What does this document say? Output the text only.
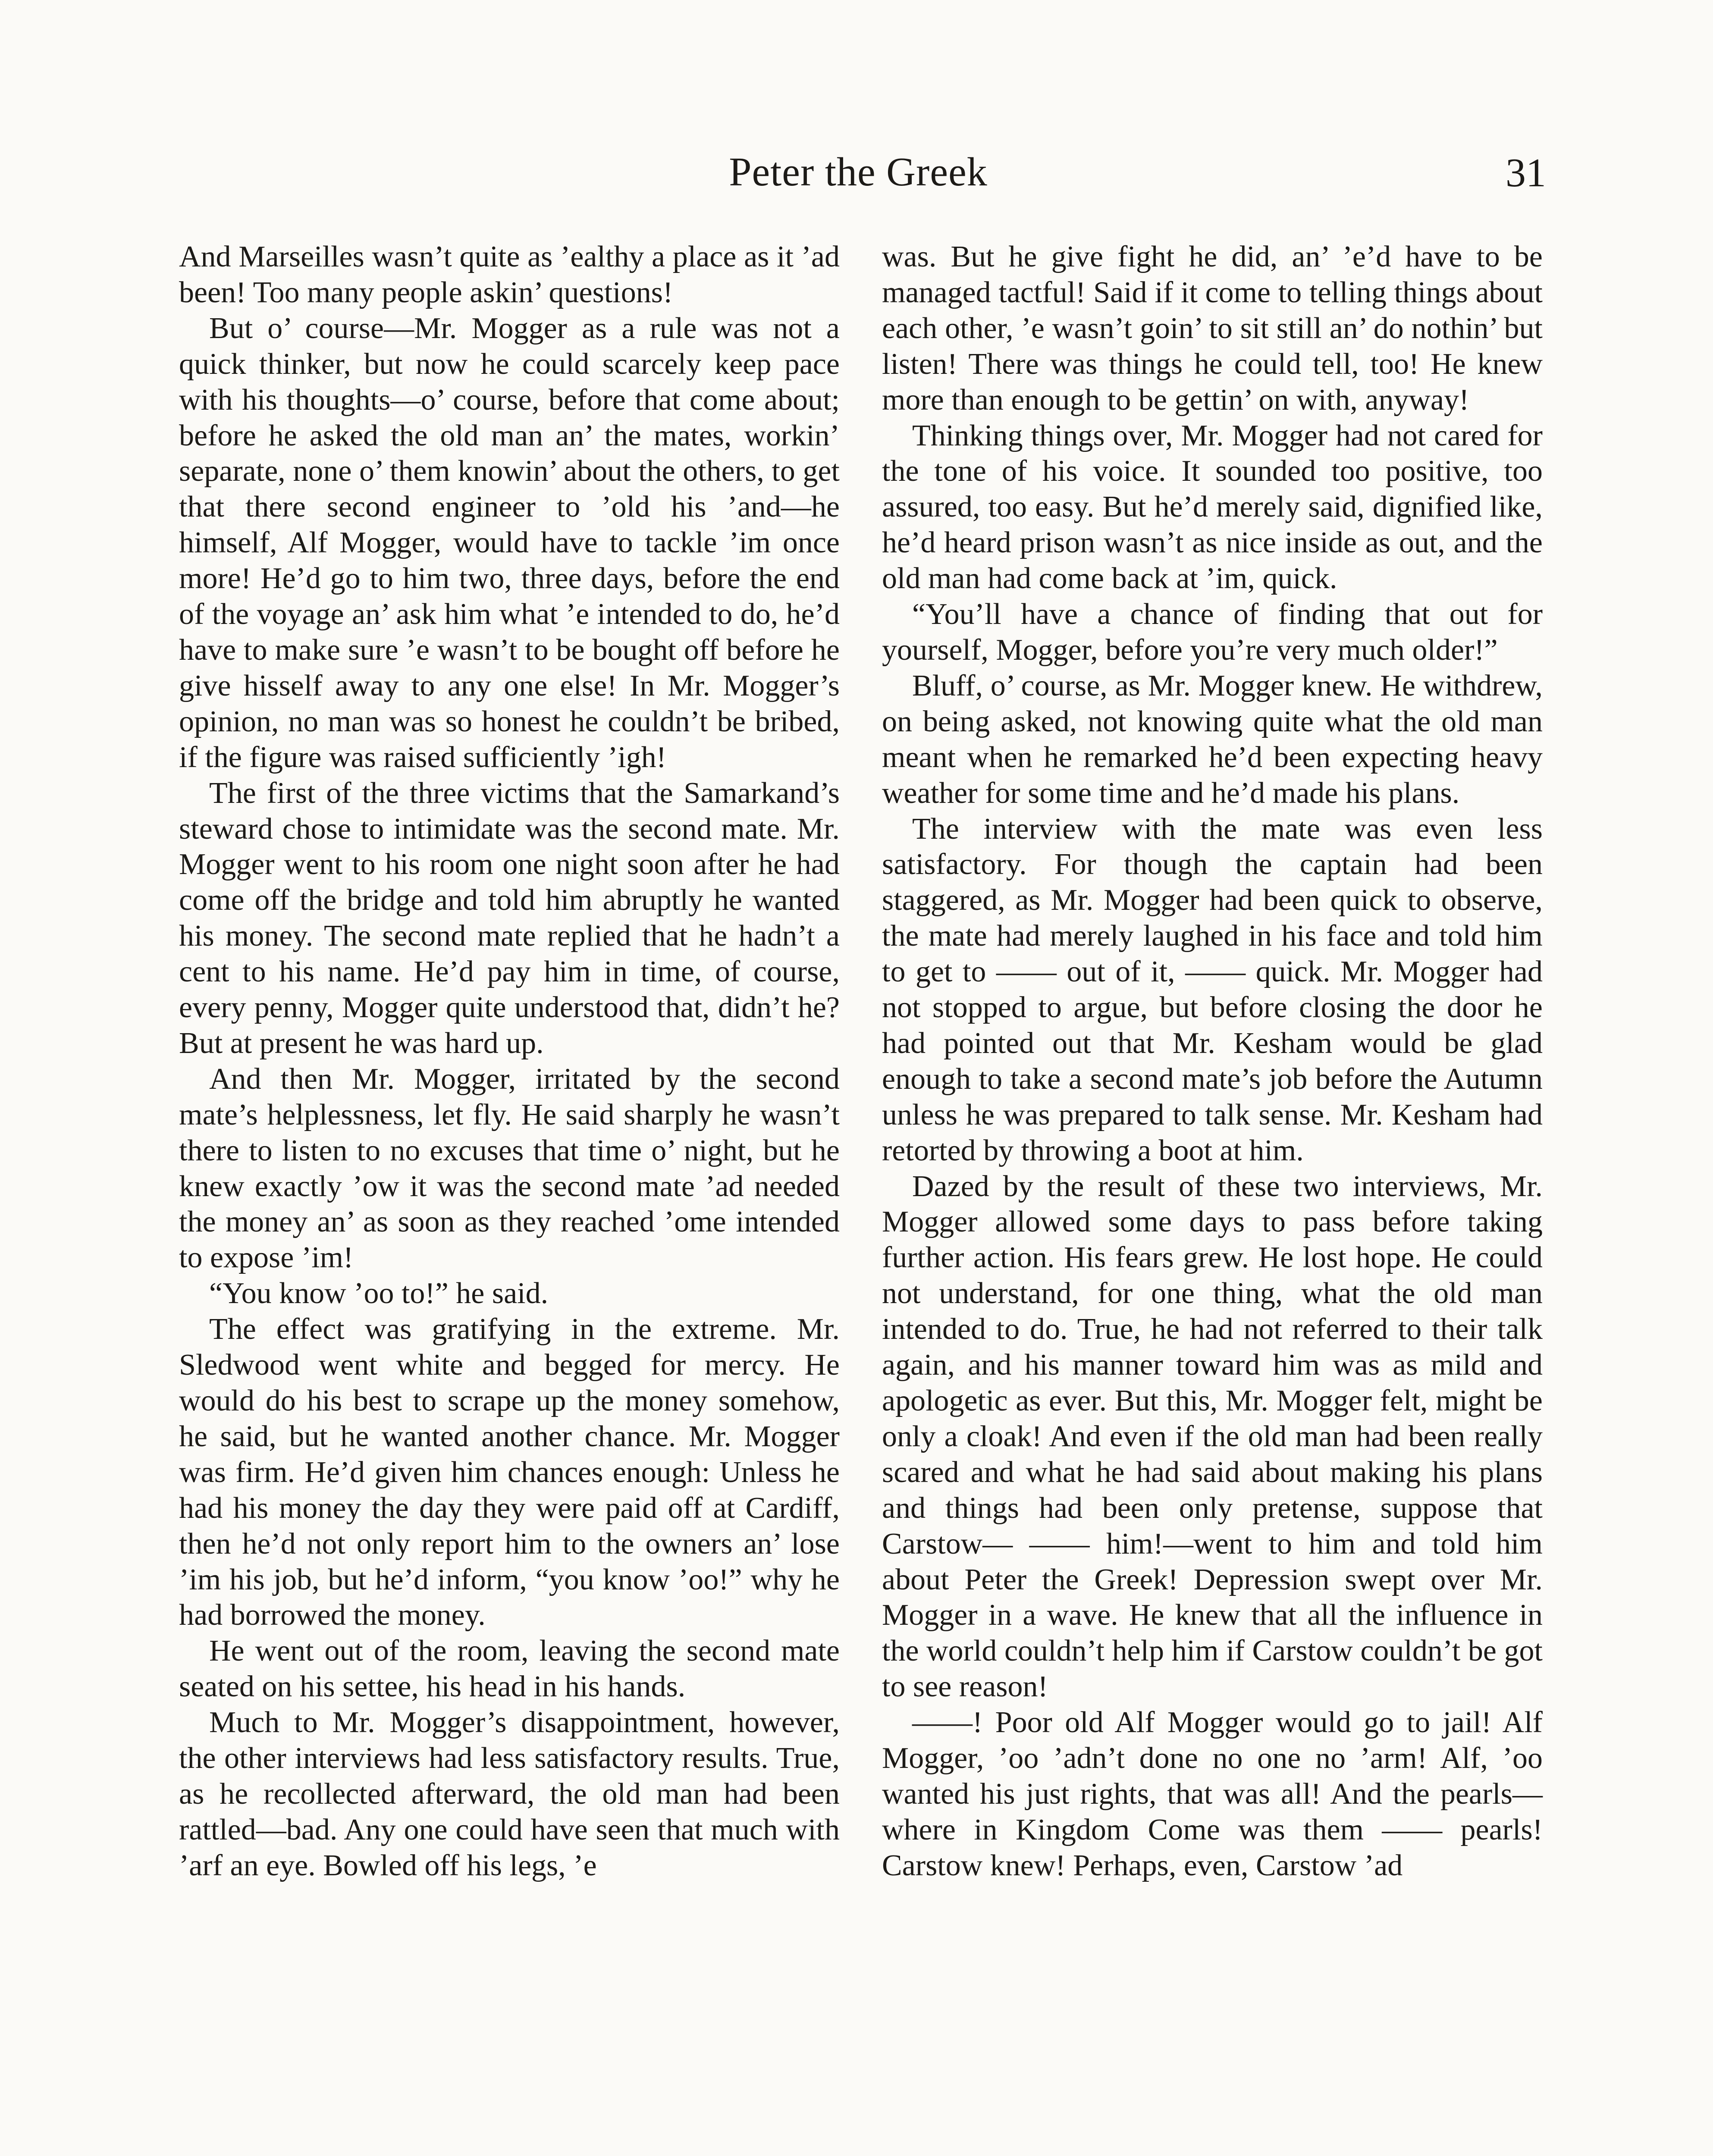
Peter the Greek	31

And Marseilles wasn’t quite as ’ealthy a place as it ’ad been! Too many people askin’ questions!

But o’ course—Mr. Mogger as a rule was not a quick thinker, but now he could scarcely keep pace with his thoughts—o’ course, before that come about; before he asked the old man an’ the mates, workin’ separate, none o’ them knowin’ about the others, to get that there second engineer to ’old his ’and—he himself, Alf Mogger, would have to tackle ’im once more! He’d go to him two, three days, before the end of the voyage an’ ask him what ’e intended to do, he’d have to make sure ’e wasn’t to be bought off before he give hisself away to any one else! In Mr. Mogger’s opinion, no man was so honest he couldn’t be bribed, if the figure was raised sufficiently ’igh!

The first of the three victims that the Samarkand’s steward chose to intimidate was the second mate. Mr. Mogger went to his room one night soon after he had come off the bridge and told him abruptly he wanted his money. The second mate replied that he hadn’t a cent to his name. He’d pay him in time, of course, every penny, Mogger quite understood that, didn’t he? But at present he was hard up.

And then Mr. Mogger, irritated by the second mate’s helplessness, let fly. He said sharply he wasn’t there to listen to no excuses that time o’ night, but he knew exactly ’ow it was the second mate ’ad needed the money an’ as soon as they reached ’ome intended to expose ’im!

“You know ’oo to!” he said.

The effect was gratifying in the extreme. Mr. Sledwood went white and begged for mercy. He would do his best to scrape up the money somehow, he said, but he wanted another chance. Mr. Mogger was firm. He’d given him chances enough: Unless he had his money the day they were paid off at Cardiff, then he’d not only report him to the owners an’ lose ’im his job, but he’d inform, “you know ’oo!” why he had borrowed the money.

He went out of the room, leaving the second mate seated on his settee, his head in his hands.

Much to Mr. Mogger’s disappointment, however, the other interviews had less satisfactory results. True, as he recollected afterward, the old man had been rattled—bad. Any one could have seen that much with ’arf an eye. Bowled off his legs, ’e

was. But he give fight he did, an’ ’e’d have to be managed tactful! Said if it come to telling things about each other, ’e wasn’t goin’ to sit still an’ do nothin’ but listen! There was things he could tell, too! He knew more than enough to be gettin’ on with, anyway!

Thinking things over, Mr. Mogger had not cared for the tone of his voice. It sounded too positive, too assured, too easy. But he’d merely said, dignified like, he’d heard prison wasn’t as nice inside as out, and the old man had come back at ’im, quick.

“You’ll have a chance of finding that out for yourself, Mogger, before you’re very much older!”

Bluff, o’ course, as Mr. Mogger knew. He withdrew, on being asked, not knowing quite what the old man meant when he remarked he’d been expecting heavy weather for some time and he’d made his plans.

The interview with the mate was even less satisfactory. For though the captain had been staggered, as Mr. Mogger had been quick to observe, the mate had merely laughed in his face and told him to get to —— out of it, —— quick. Mr. Mogger had not stopped to argue, but before closing the door he had pointed out that Mr. Kesham would be glad enough to take a second mate’s job before the Autumn unless he was prepared to talk sense. Mr. Kesham had retorted by throwing a boot at him.

Dazed by the result of these two interviews, Mr. Mogger allowed some days to pass before taking further action. His fears grew. He lost hope. He could not understand, for one thing, what the old man intended to do. True, he had not referred to their talk again, and his manner toward him was as mild and apologetic as ever. But this, Mr. Mogger felt, might be only a cloak! And even if the old man had been really scared and what he had said about making his plans and things had been only pretense, suppose that Carstow— —— him!—went to him and told him about Peter the Greek! Depression swept over Mr. Mogger in a wave. He knew that all the influence in the world couldn’t help him if Carstow couldn’t be got to see reason!

——! Poor old Alf Mogger would go to jail! Alf Mogger, ’oo ’adn’t done no one no ’arm! Alf, ’oo wanted his just rights, that was all! And the pearls—where in Kingdom Come was them —— pearls! Carstow knew! Perhaps, even, Carstow ’ad
